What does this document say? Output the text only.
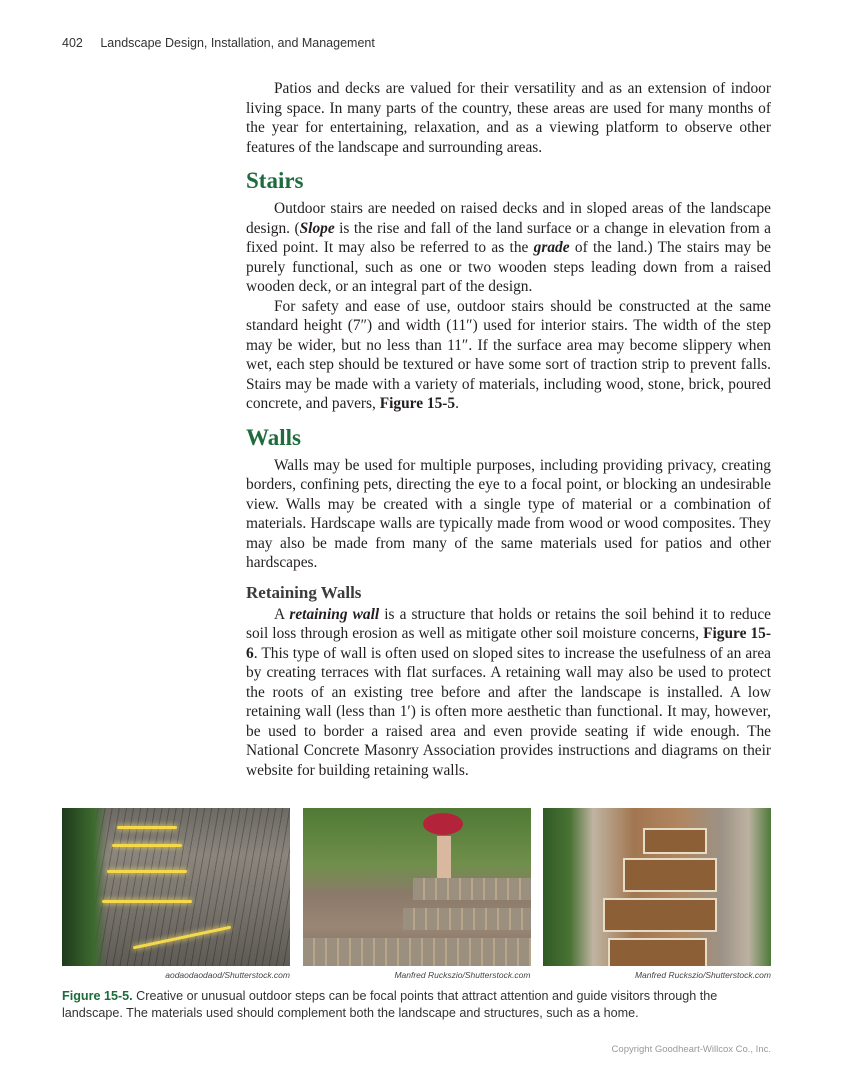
402 Landscape Design, Installation, and Management

Patios and decks are valued for their versatility and as an extension of indoor living space. In many parts of the country, these areas are used for many months of the year for entertaining, relaxation, and as a viewing platform to observe other features of the landscape and surrounding areas.

Stairs

Outdoor stairs are needed on raised decks and in sloped areas of the landscape design. (Slope is the rise and fall of the land surface or a change in elevation from a fixed point. It may also be referred to as the grade of the land.) The stairs may be purely functional, such as one or two wooden steps leading down from a raised wooden deck, or an integral part of the design.

For safety and ease of use, outdoor stairs should be constructed at the same standard height (7″) and width (11″) used for interior stairs. The width of the step may be wider, but no less than 11″. If the surface area may become slippery when wet, each step should be textured or have some sort of traction strip to prevent falls. Stairs may be made with a variety of materials, including wood, stone, brick, poured concrete, and pavers, Figure 15-5.

Walls

Walls may be used for multiple purposes, including providing privacy, creating borders, confining pets, directing the eye to a focal point, or blocking an undesirable view. Walls may be created with a single type of material or a combination of materials. Hardscape walls are typically made from wood or wood composites. They may also be made from many of the same materials used for patios and other hardscapes.

Retaining Walls

A retaining wall is a structure that holds or retains the soil behind it to reduce soil loss through erosion as well as mitigate other soil moisture concerns, Figure 15-6. This type of wall is often used on sloped sites to increase the usefulness of an area by creating terraces with flat surfaces. A retaining wall may also be used to protect the roots of an existing tree before and after the landscape is installed. A low retaining wall (less than 1′) is often more aesthetic than functional. It may, however, be used to border a raised area and even provide seating if wide enough. The National Concrete Masonry Association provides instructions and diagrams on their website for building retaining walls.

aodaodaodaod/Shutterstock.com	Manfred Ruckszio/Shutterstock.com	Manfred Ruckszio/Shutterstock.com
Figure 15-5. Creative or unusual outdoor steps can be focal points that attract attention and guide visitors through the landscape. The materials used should complement both the landscape and structures, such as a home.
Copyright Goodheart-Willcox Co., Inc.
